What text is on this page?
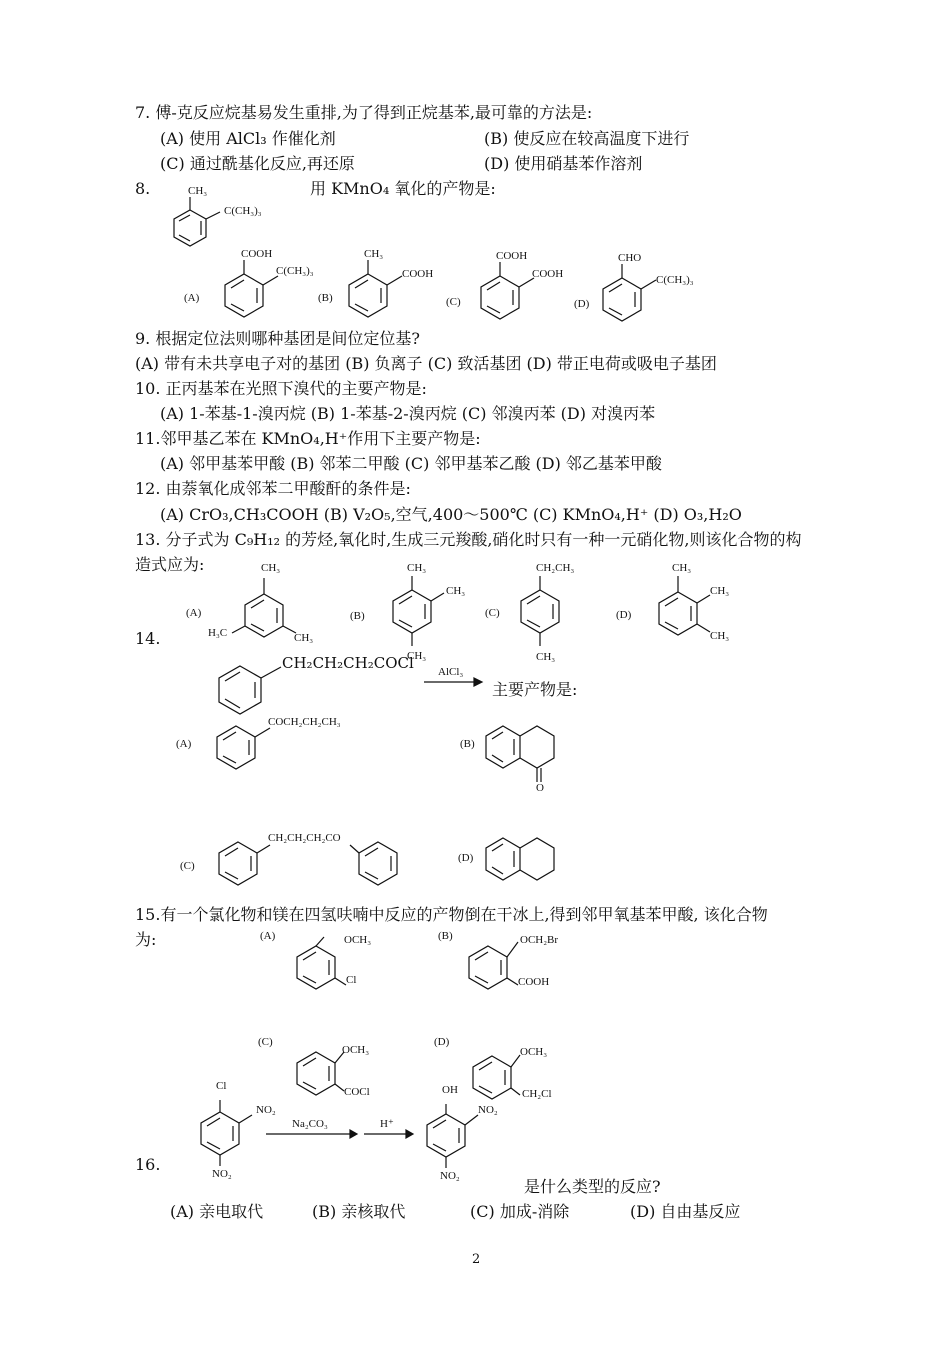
7. 傅-克反应烷基易发生重排,为了得到正烷基苯,最可靠的方法是:
(A) 使用 AlCl₃ 作催化剂	(B) 使反应在较高温度下进行
(C) 通过酰基化反应,再还原	(D) 使用硝基苯作溶剂
8.	用 KMnO₄ 氧化的产物是:
CH₃
C(CH₃)₃
(A)
COOH
C(CH₃)₃
(B)
CH₃
COOH
(C)
COOH
COOH
(D)
CHO
C(CH₃)₃
9. 根据定位法则哪种基团是间位定位基?
(A) 带有未共享电子对的基团 (B) 负离子 (C) 致活基团 (D) 带正电荷或吸电子基团
10. 正丙基苯在光照下溴代的主要产物是:
(A) 1-苯基-1-溴丙烷 (B) 1-苯基-2-溴丙烷 (C) 邻溴丙苯 (D) 对溴丙苯
11.邻甲基乙苯在 KMnO₄,H⁺作用下主要产物是:
(A) 邻甲基苯甲酸 (B) 邻苯二甲酸 (C) 邻甲基苯乙酸 (D) 邻乙基苯甲酸
12. 由萘氧化成邻苯二甲酸酐的条件是:
(A) CrO₃,CH₃COOH (B) V₂O₅,空气,400～500℃ (C) KMnO₄,H⁺ (D) O₃,H₂O
13. 分子式为 C₉H₁₂ 的芳烃,氧化时,生成三元羧酸,硝化时只有一种一元硝化物,则该化合物的构
造式应为:
(A)
CH₃
H₃C	CH₃
(B)
CH₃
CH₃
CH₃
(C)
CH₂CH₃
CH₃
(D)
CH₃
CH₃
CH₃
14.
CH₂CH₂CH₂COCl AlCl₃
主要产物是:
(A)
COCH₂CH₂CH₃
(B)
O
(C)
CH₂CH₂CH₂CO
(D)
15.有一个氯化物和镁在四氢呋喃中反应的产物倒在干冰上,得到邻甲氧基苯甲酸, 该化合物
为:	(A)	OCH₃
Cl
(B)	OCH₂Br
COOH
(C)
OCH₃
COCl
(D)
OCH₃
CH₂Cl
16.
Cl
NO₂
NO₂
Na₂CO₃	H⁺
OH
NO₂
NO₂
是什么类型的反应?
(A) 亲电取代	(B) 亲核取代	(C) 加成-消除	(D) 自由基反应
2
